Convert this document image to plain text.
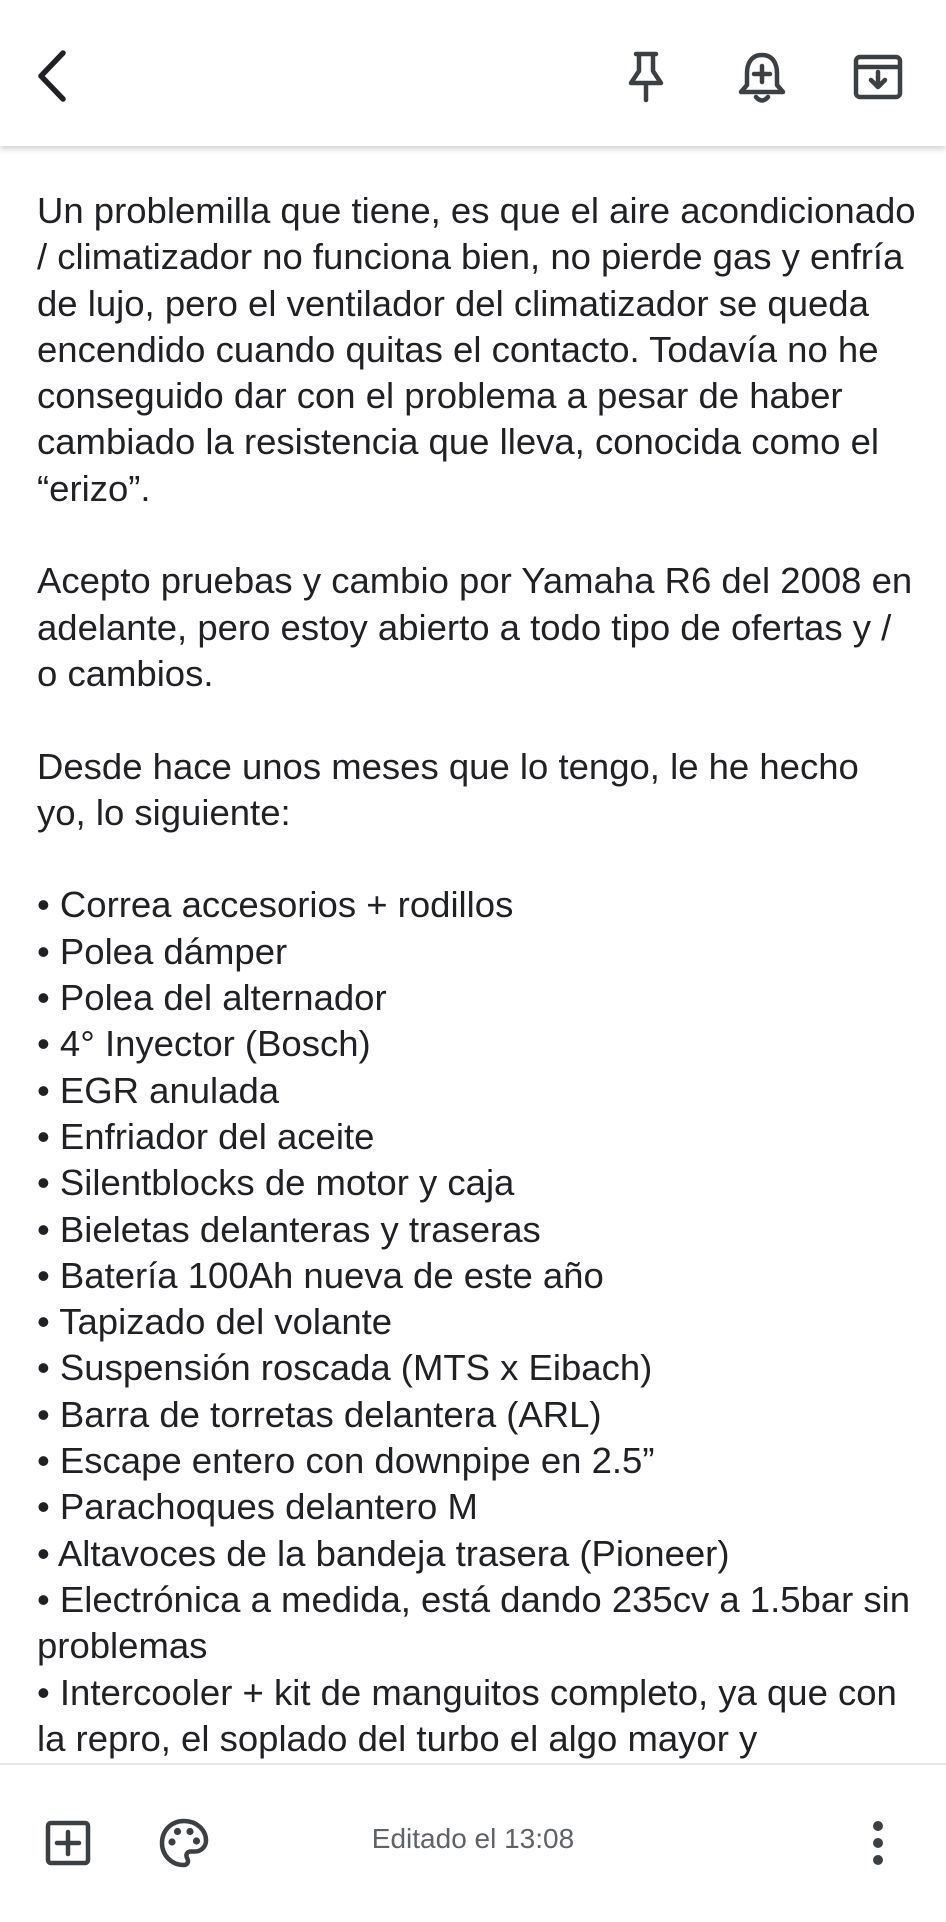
Un problemilla que tiene, es que el aire acondicionado / climatizador no funciona bien, no pierde gas y enfría de lujo, pero el ventilador del climatizador se queda encendido cuando quitas el contacto. Todavía no he conseguido dar con el problema a pesar de haber cambiado la resistencia que lleva, conocida como el “erizo”.

Acepto pruebas y cambio por Yamaha R6 del 2008 en adelante, pero estoy abierto a todo tipo de ofertas y / o cambios.

Desde hace unos meses que lo tengo, le he hecho yo, lo siguiente:

• Correa accesorios + rodillos
• Polea dámper
• Polea del alternador
• 4° Inyector (Bosch)
• EGR anulada
• Enfriador del aceite
• Silentblocks de motor y caja
• Bieletas delanteras y traseras
• Batería 100Ah nueva de este año
• Tapizado del volante
• Suspensión roscada (MTS x Eibach)
• Barra de torretas delantera (ARL)
• Escape entero con downpipe en 2.5”
• Parachoques delantero M
• Altavoces de la bandeja trasera (Pioneer)
• Electrónica a medida, está dando 235cv a 1.5bar sin problemas
• Intercooler + kit de manguitos completo, ya que con la repro, el soplado del turbo el algo mayor y
Editado el 13:08
